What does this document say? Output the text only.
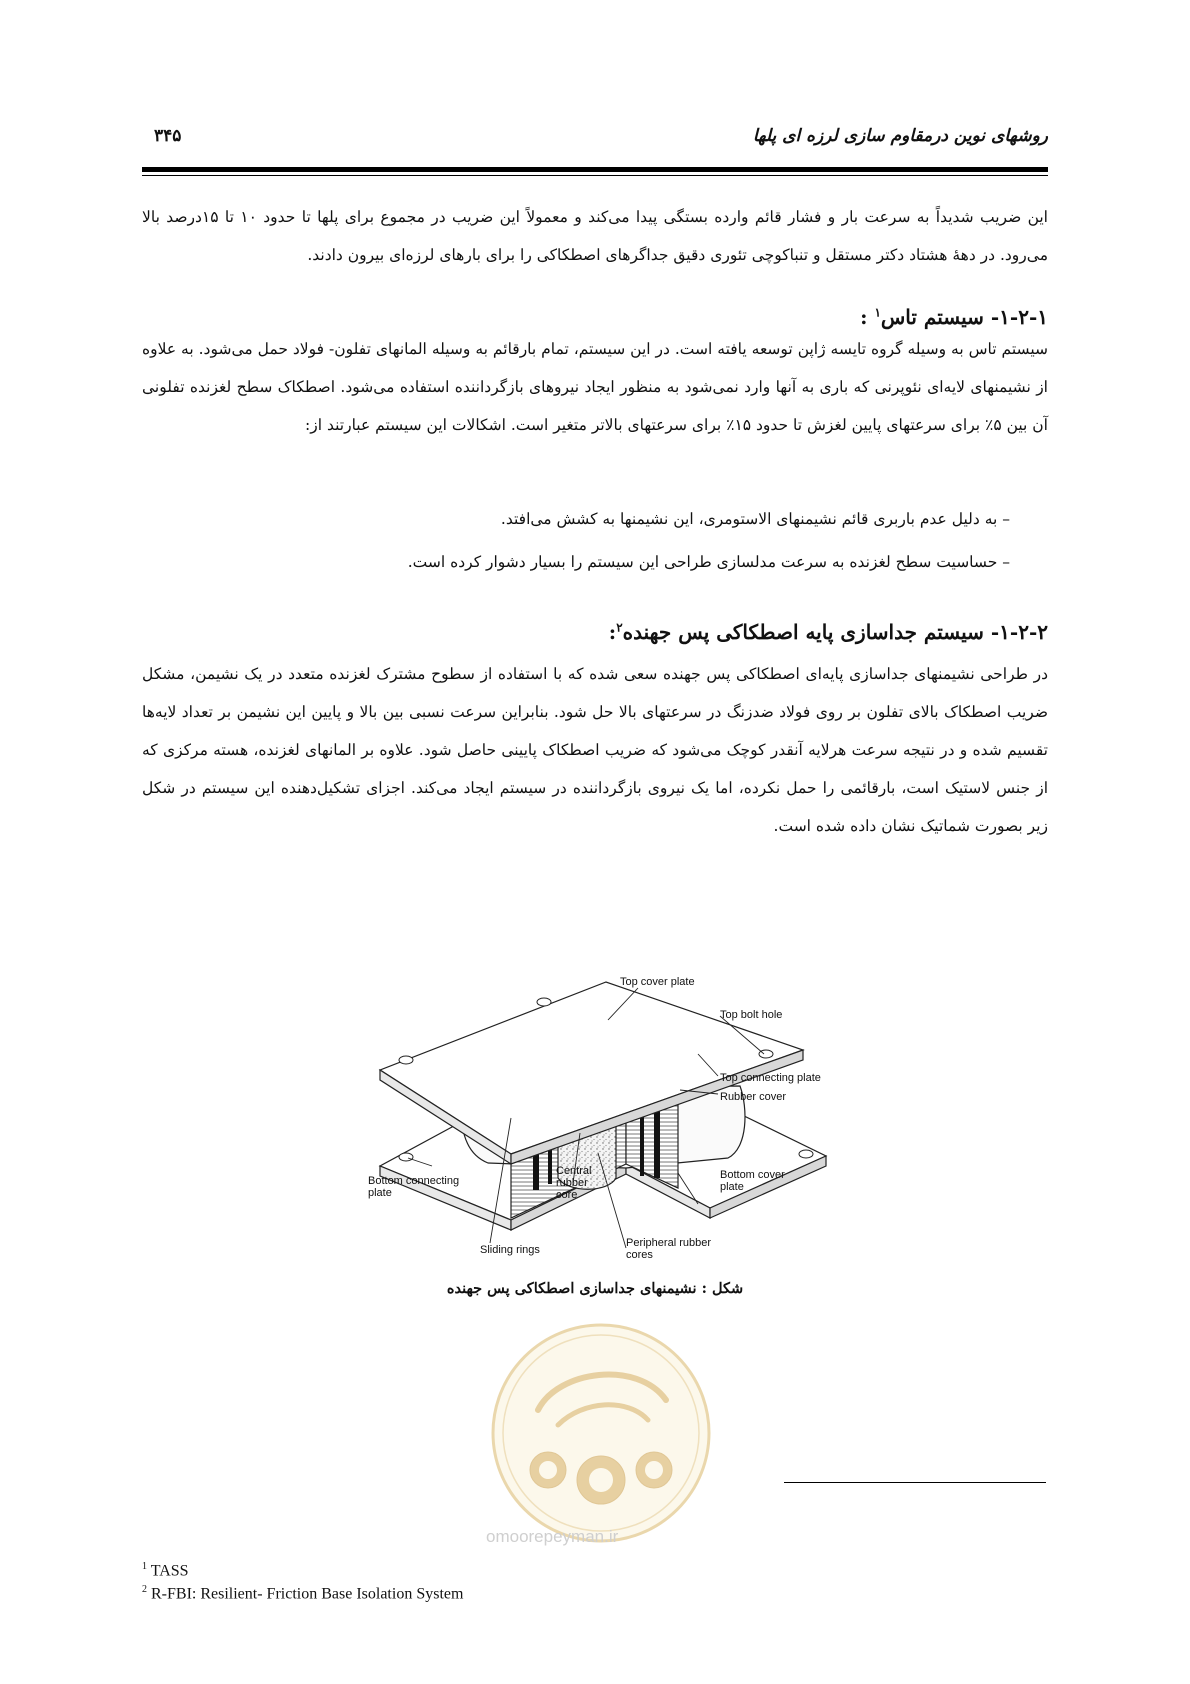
روشهای نوین درمقاوم سازی لرزه ای پلها
۳۴۵

این ضریب شدیداً به سرعت بار و فشار قائم وارده بستگی پیدا می‌کند و معمولاً این ضریب در مجموع برای پلها تا حدود ۱۰ تا ۱۵درصد بالا می‌رود. در دههٔ هشتاد دکتر مستقل و تنباکوچی تئوری دقیق جداگرهای اصطکاکی را برای بارهای لرزه‌ای بیرون دادند.

۱-۲-۱- سیستم تاس$^۱$ :

سیستم تاس به وسیله گروه تایسه ژاپن توسعه یافته است. در این سیستم، تمام بارقائم به وسیله المانهای تفلون- فولاد حمل می‌شود. به علاوه از نشیمنهای لایه‌ای نئوپرنی که باری به آنها وارد نمی‌شود به منظور ایجاد نیروهای بازگرداننده استفاده می‌شود. اصطکاک سطح لغزنده تفلونی آن بین ۵٪ برای سرعتهای پایین لغزش تا حدود ۱۵٪ برای سرعتهای بالاتر متغیر است. اشکالات این سیستم عبارتند از:

– به دلیل عدم باربری قائم نشیمنهای الاستومری، این نشیمنها به کشش می‌افتد.
– حساسیت سطح لغزنده به سرعت مدلسازی طراحی این سیستم را بسیار دشوار کرده است.
۱-۲-۲- سیستم جداسازی پایه اصطکاکی پس جهنده$^۲$:

در طراحی نشیمنهای جداسازی پایه‌ای اصطکاکی پس جهنده سعی شده که با استفاده از سطوح مشترک لغزنده متعدد در یک نشیمن، مشکل ضریب اصطکاک بالای تفلون بر روی فولاد ضدزنگ در سرعتهای بالا حل شود. بنابراین سرعت نسبی بین بالا و پایین این نشیمن بر تعداد لایه‌ها تقسیم شده و در نتیجه سرعت هرلایه آنقدر کوچک می‌شود که ضریب اصطکاک پایینی حاصل شود. علاوه بر المانهای لغزنده، هسته مرکزی که از جنس لاستیک است، بارقائمی را حمل نکرده، اما یک نیروی بازگرداننده در سیستم ایجاد می‌کند. اجزای تشکیل‌دهنده این سیستم در شکل زیر بصورت شماتیک نشان داده شده است.

Top cover plate
Top bolt hole
Top connecting plate
Rubber cover
Central
rubber
core
Bottom connecting
plate
Bottom cover
plate
Sliding rings
Peripheral rubber
cores
شکل : نشیمنهای جداسازی اصطکاکی پس جهنده
$^1$ TASS
$^2$ R-FBI: Resilient- Friction Base Isolation System
omoorepeyman.ir
